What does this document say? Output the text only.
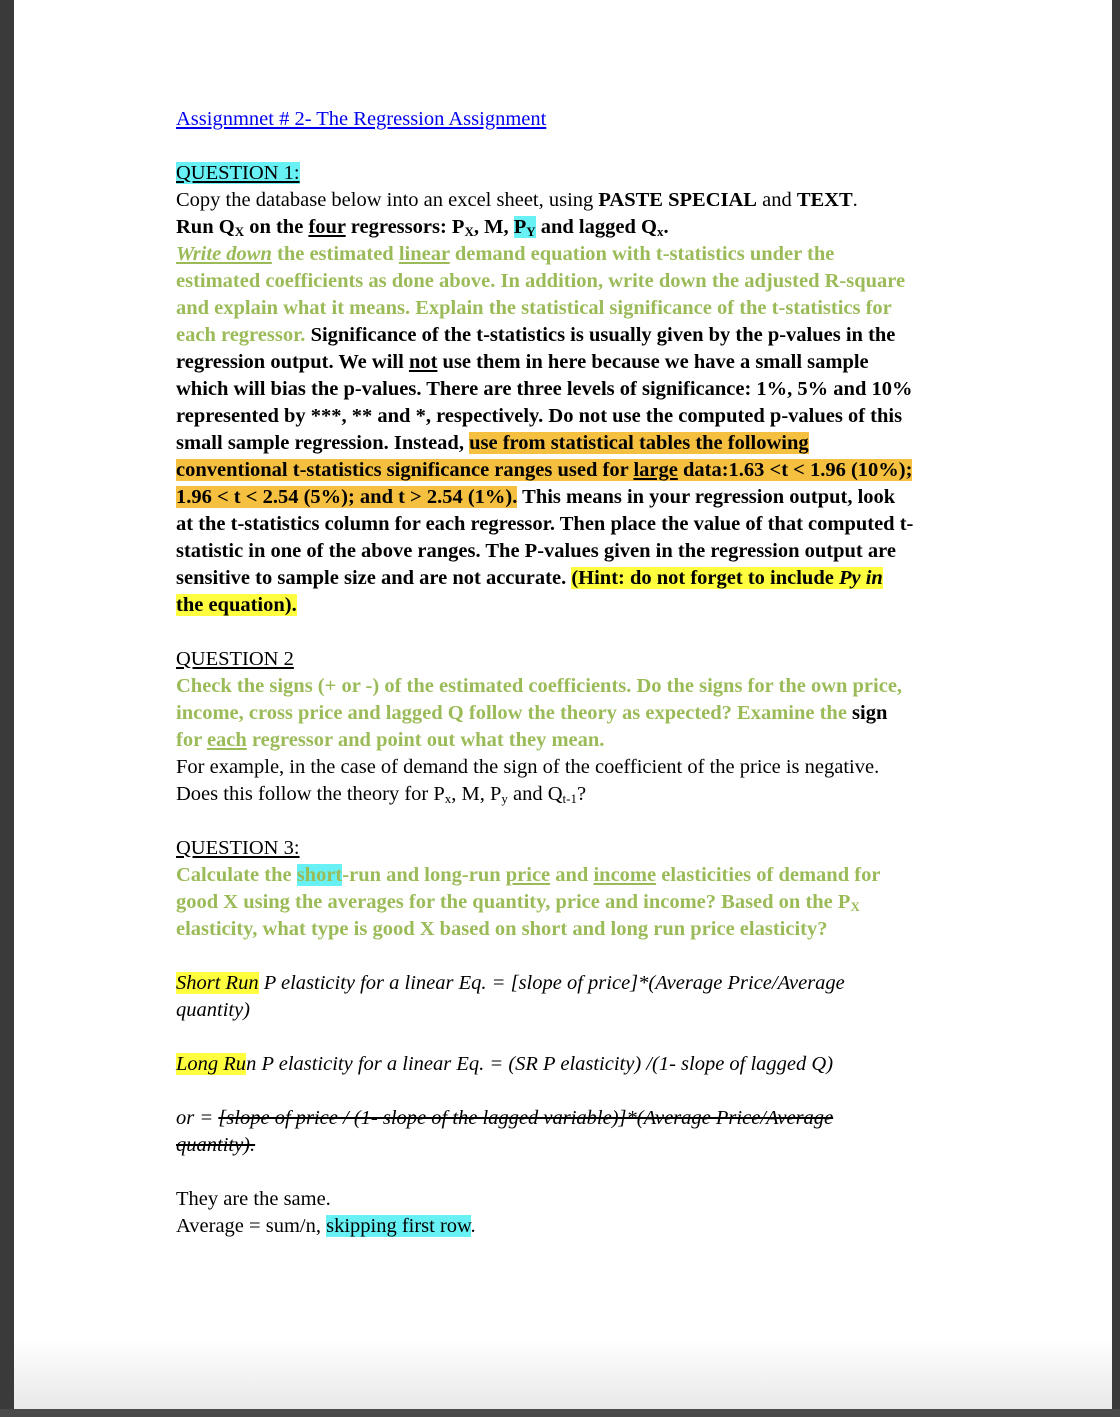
Assignmnet # 2- The Regression Assignment
QUESTION 1:
Copy the database below into an excel sheet, using PASTE SPECIAL and TEXT.
Run $Q_X$ on the four regressors: $P_X$, M, $P_Y$ and lagged $Q_x$.
Write down the estimated linear demand equation with t-statistics under the
estimated coefficients as done above. In addition, write down the adjusted R-square
and explain what it means. Explain the statistical significance of the t-statistics for
each regressor. Significance of the t-statistics is usually given by the p-values in the
regression output. We will not use them in here because we have a small sample
which will bias the p-values. There are three levels of significance: 1%, 5% and 10%
represented by ***, ** and *, respectively. Do not use the computed p-values of this
small sample regression. Instead, use from statistical tables the following
conventional t-statistics significance ranges used for large data:1.63 <t < 1.96 (10%);
1.96 < t < 2.54 (5%); and t > 2.54 (1%). This means in your regression output, look
at the t-statistics column for each regressor. Then place the value of that computed t-
statistic in one of the above ranges. The P-values given in the regression output are
sensitive to sample size and are not accurate. (Hint: do not forget to include Py in
the equation).
QUESTION 2
Check the signs (+ or -) of the estimated coefficients. Do the signs for the own price,
income, cross price and lagged Q follow the theory as expected? Examine the sign
for each regressor and point out what they mean.
For example, in the case of demand the sign of the coefficient of the price is negative.
Does this follow the theory for $P_x$, M, $P_y$ and $Q_{t-1}$?
QUESTION 3:
Calculate the short-run and long-run price and income elasticities of demand for
good X using the averages for the quantity, price and income? Based on the $P_X$
elasticity, what type is good X based on short and long run price elasticity?
Short Run P elasticity for a linear Eq. = [slope of price]*(Average Price/Average
quantity)
Long Run P elasticity for a linear Eq. = (SR P elasticity) /(1- slope of lagged Q)
or = [slope of price / (1- slope of the lagged variable)]*(Average Price/Average
quantity).
They are the same.
Average = sum/n, skipping first row.
